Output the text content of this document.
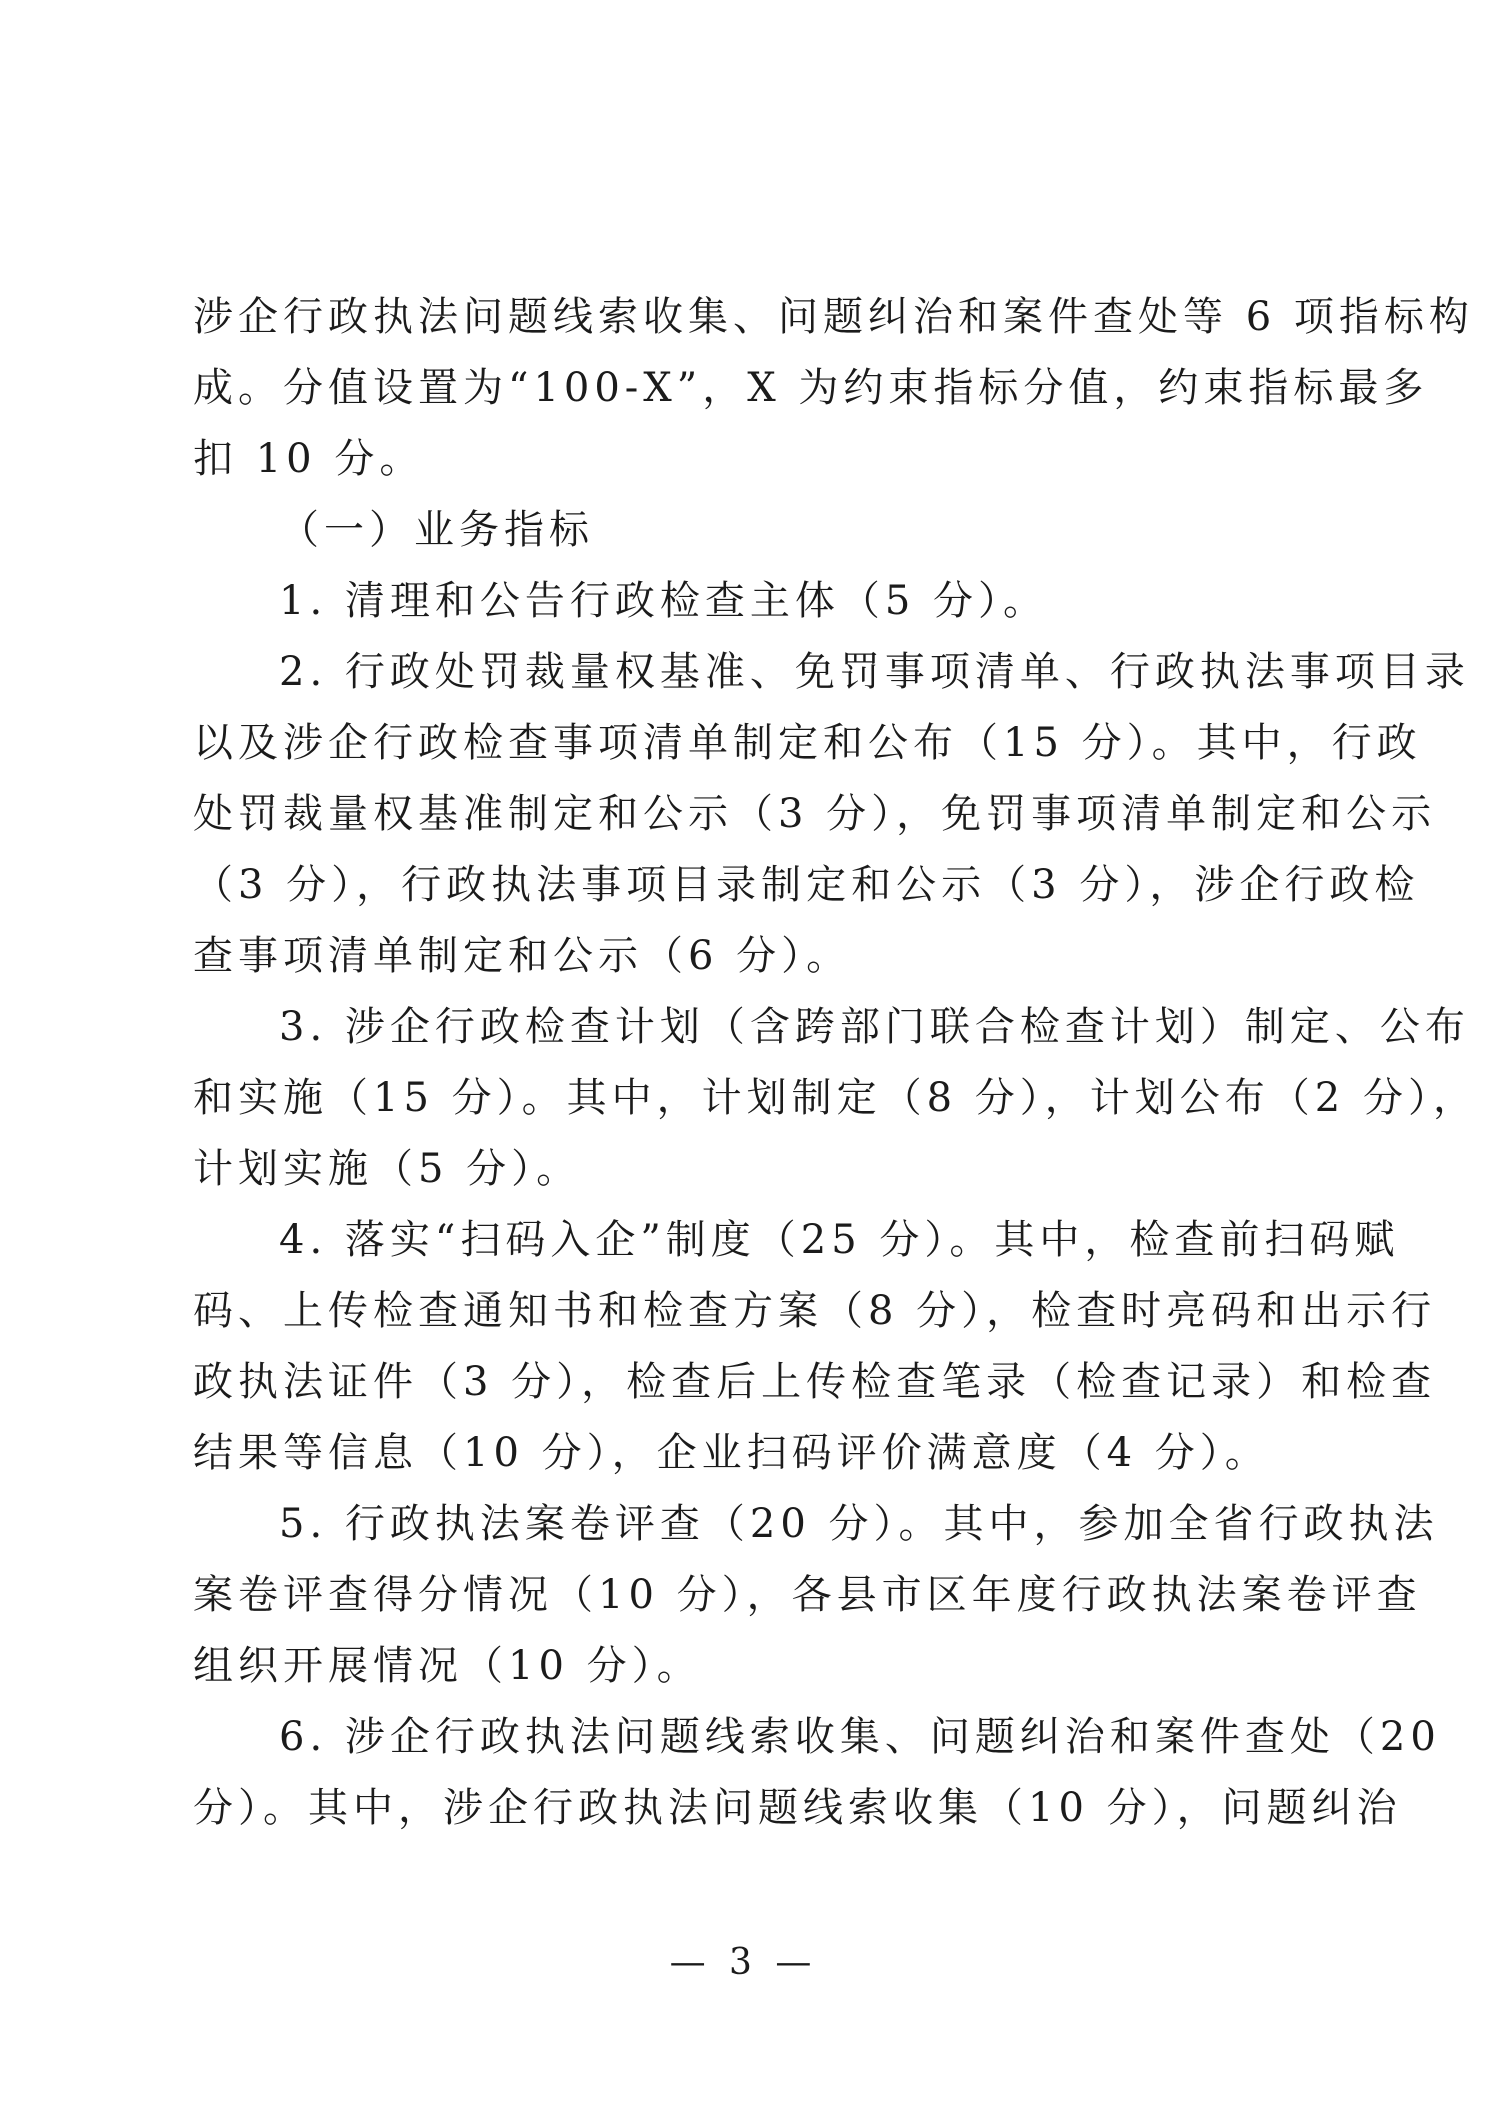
涉企行政执法问题线索收集、问题纠治和案件查处等 6 项指标构
成。分值设置为“100-X”，X 为约束指标分值，约束指标最多
扣 10 分。
（一）业务指标
1. 清理和公告行政检查主体（5 分）。
2. 行政处罚裁量权基准、免罚事项清单、行政执法事项目录
以及涉企行政检查事项清单制定和公布（15 分）。其中，行政
处罚裁量权基准制定和公示（3 分），免罚事项清单制定和公示
（3 分），行政执法事项目录制定和公示（3 分），涉企行政检
查事项清单制定和公示（6 分）。
3. 涉企行政检查计划（含跨部门联合检查计划）制定、公布
和实施（15 分）。其中，计划制定（8 分），计划公布（2 分），
计划实施（5 分）。
4. 落实“扫码入企”制度（25 分）。其中，检查前扫码赋
码、上传检查通知书和检查方案（8 分），检查时亮码和出示行
政执法证件（3 分），检查后上传检查笔录（检查记录）和检查
结果等信息（10 分），企业扫码评价满意度（4 分）。
5. 行政执法案卷评查（20 分）。其中，参加全省行政执法
案卷评查得分情况（10 分），各县市区年度行政执法案卷评查
组织开展情况（10 分）。
6. 涉企行政执法问题线索收集、问题纠治和案件查处（20
分）。其中，涉企行政执法问题线索收集（10 分），问题纠治
— 3 —
